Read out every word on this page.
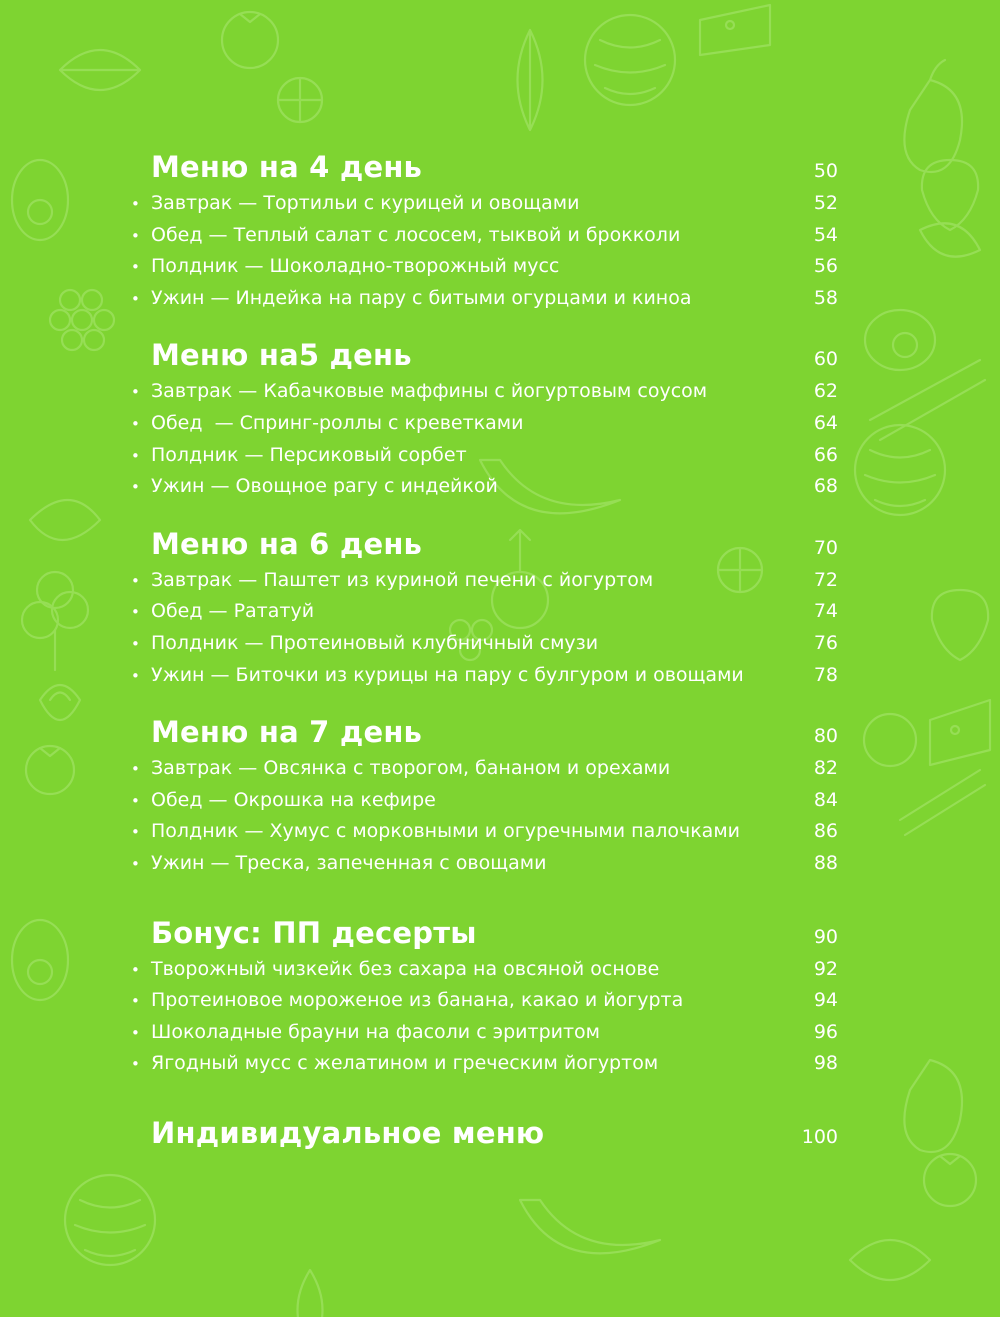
Меню на 4 день	50
• Завтрак — Тортильи с курицей и овощами	52
• Обед — Теплый салат с лососем, тыквой и брокколи	54
• Полдник — Шоколадно-творожный мусс	56
• Ужин — Индейка на пару с битыми огурцами и киноа	58
Меню на5 день	60
• Завтрак — Кабачковые маффины с йогуртовым соусом	62
• Обед  — Спринг-роллы с креветками	64
• Полдник — Персиковый сорбет	66
• Ужин — Овощное рагу с индейкой	68
Меню на 6 день	70
• Завтрак — Паштет из куриной печени с йогуртом	72
• Обед — Рататуй	74
• Полдник — Протеиновый клубничный смузи	76
• Ужин — Биточки из курицы на пару с булгуром и овощами	78
Меню на 7 день	80
• Завтрак — Овсянка с творогом, бананом и орехами	82
• Обед — Окрошка на кефире	84
• Полдник — Хумус с морковными и огуречными палочками	86
• Ужин — Треска, запеченная с овощами	88
Бонус: ПП десерты	90
• Творожный чизкейк без сахара на овсяной основе	92
• Протеиновое мороженое из банана, какао и йогурта	94
• Шоколадные брауни на фасоли с эритритом	96
• Ягодный мусс с желатином и греческим йогуртом	98
Индивидуальное меню	100
